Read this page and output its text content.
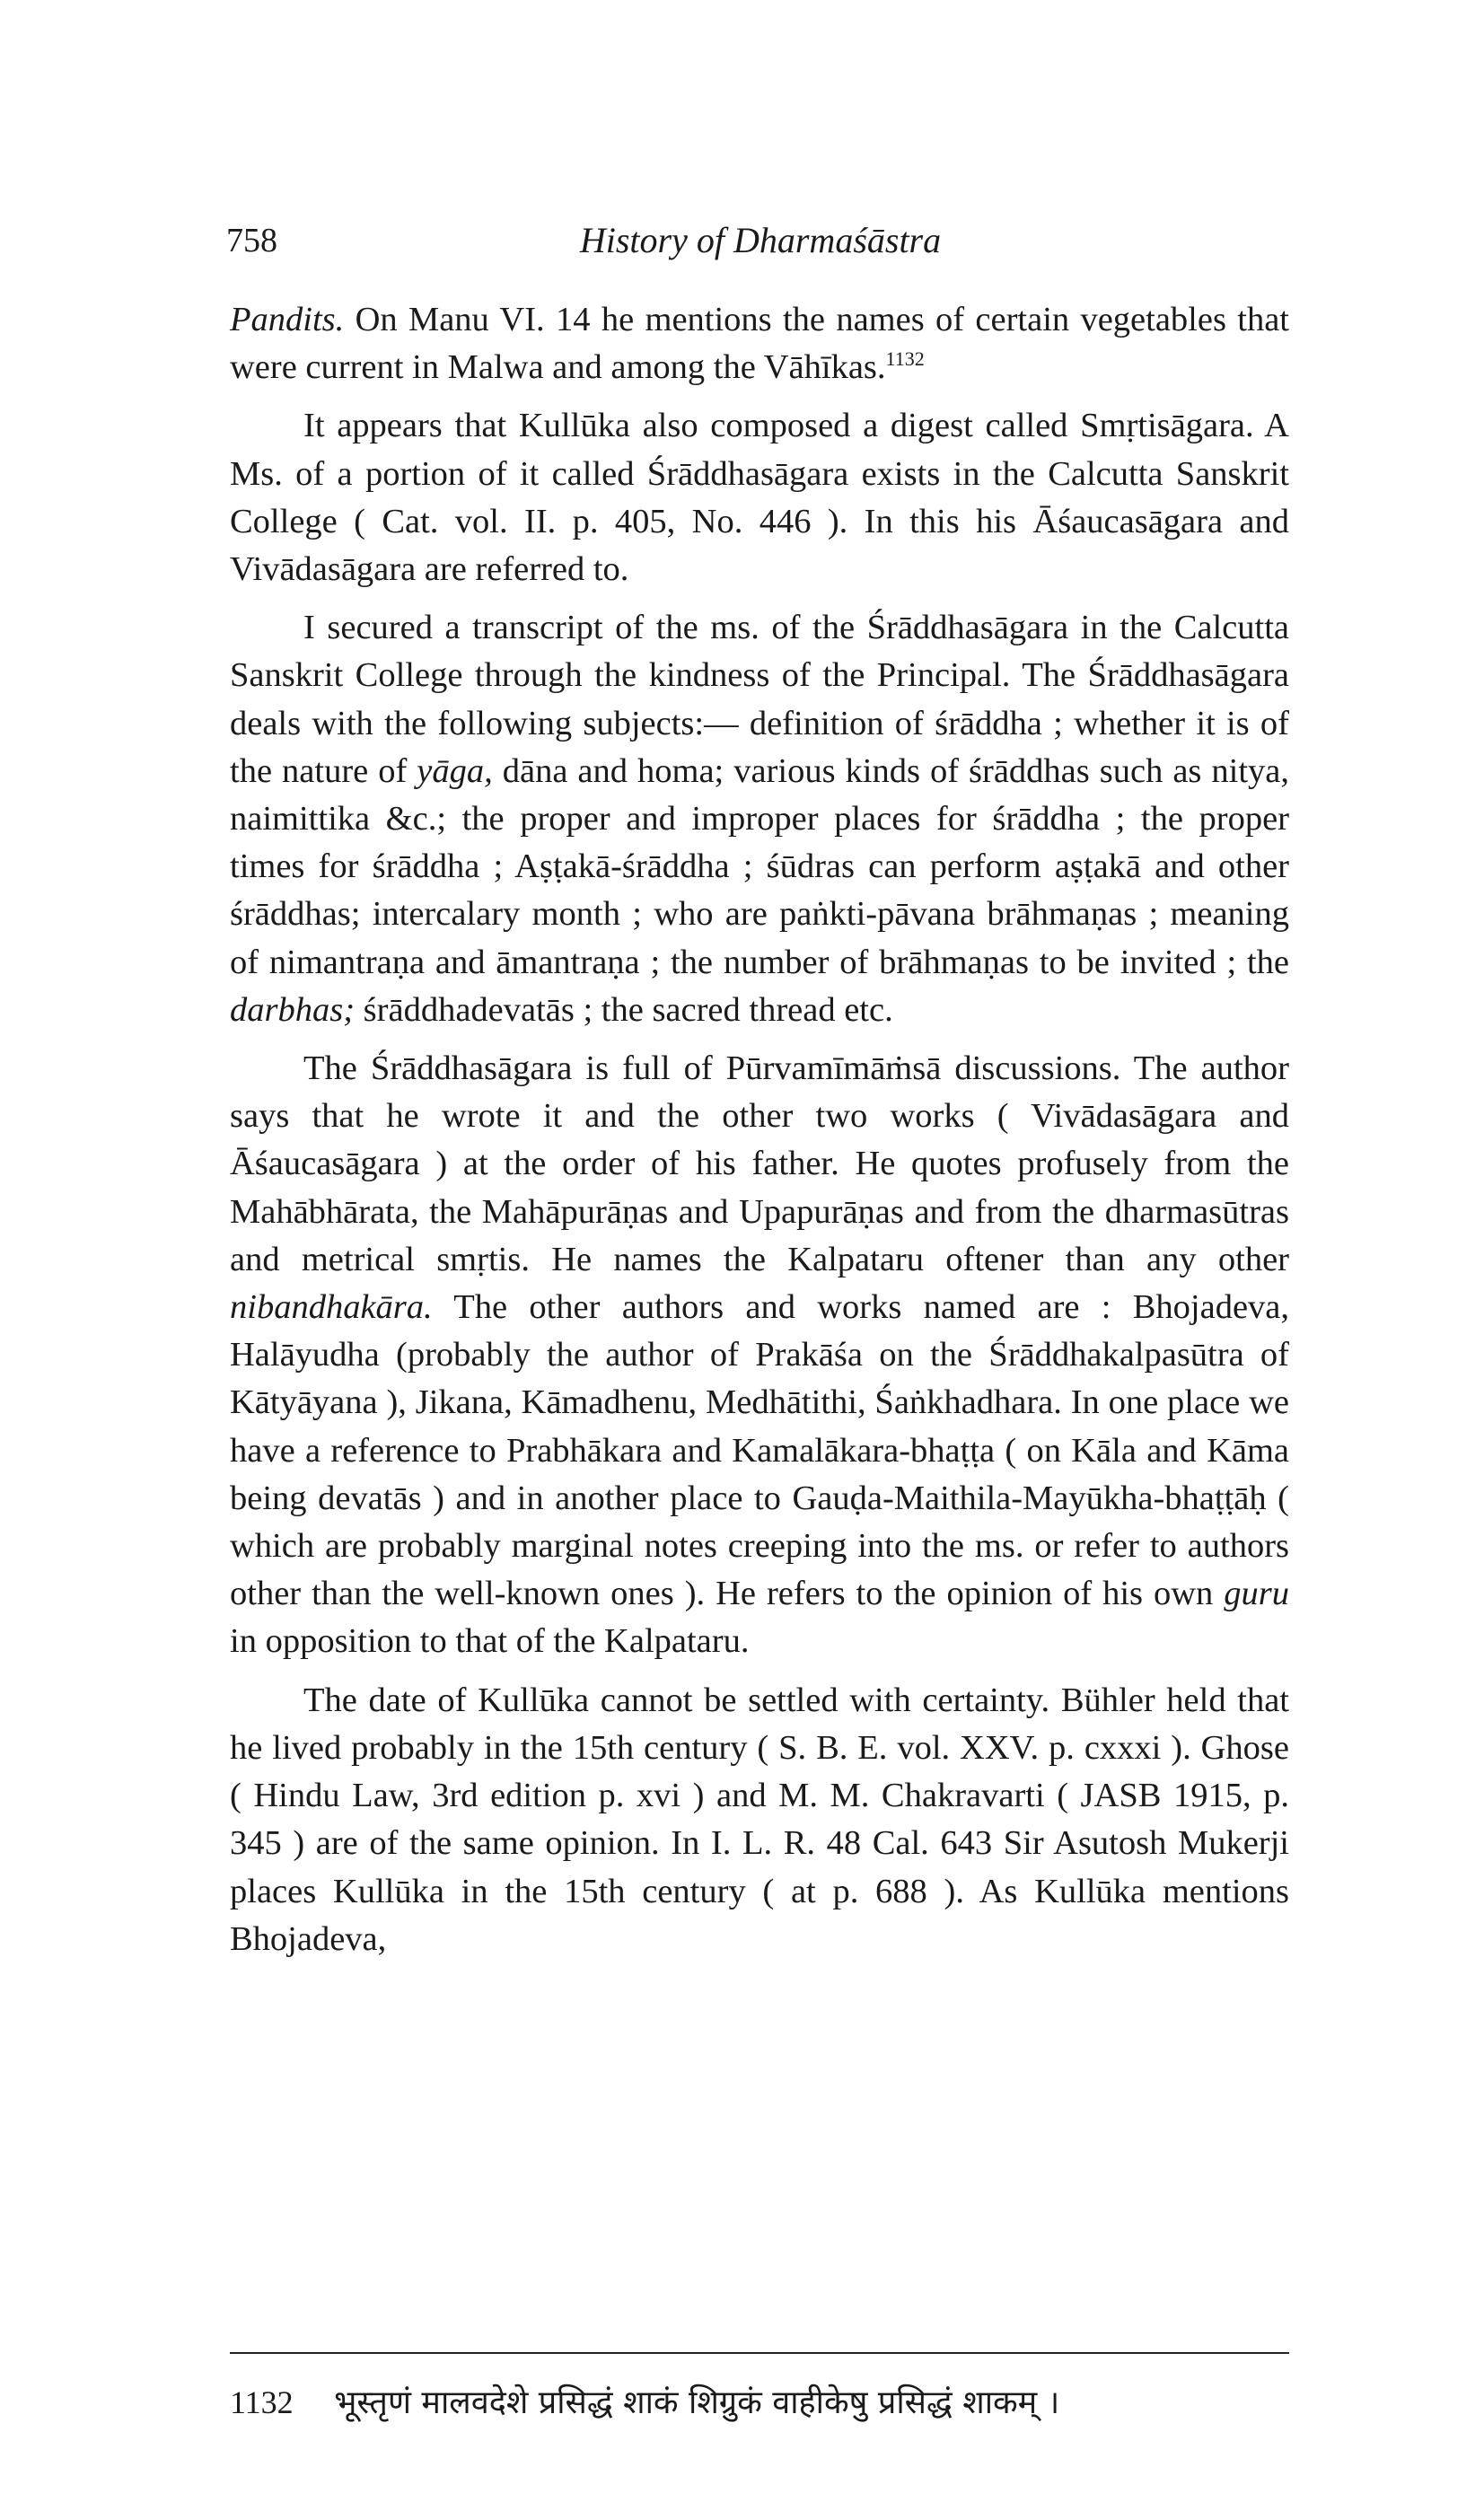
758	History of Dharmaśāstra

Pandits. On Manu VI. 14 he mentions the names of certain vegetables that were current in Malwa and among the Vāhīkas.$^{1132}$

It appears that Kullūka also composed a digest called Smṛtisāgara. A Ms. of a portion of it called Śrāddhasāgara exists in the Calcutta Sanskrit College ( Cat. vol. II. p. 405, No. 446 ). In this his Āśaucasāgara and Vivādasāgara are referred to.

I secured a transcript of the ms. of the Śrāddhasāgara in the Calcutta Sanskrit College through the kindness of the Principal. The Śrāddhasāgara deals with the following subjects:— definition of śrāddha ; whether it is of the nature of yāga, dāna and homa; various kinds of śrāddhas such as nitya, naimittika &c.; the proper and improper places for śrāddha ; the proper times for śrāddha ; Aṣṭakā-śrāddha ; śūdras can perform aṣṭakā and other śrāddhas; intercalary month ; who are paṅkti-pāvana brāhmaṇas ; meaning of nimantraṇa and āmantraṇa ; the number of brāhmaṇas to be invited ; the darbhas; śrāddhadevatās ; the sacred thread etc.

The Śrāddhasāgara is full of Pūrvamīmāṁsā discussions. The author says that he wrote it and the other two works ( Vivādasāgara and Āśaucasāgara ) at the order of his father. He quotes profusely from the Mahābhārata, the Mahāpurāṇas and Upapurāṇas and from the dharmasūtras and metrical smṛtis. He names the Kalpataru oftener than any other nibandhakāra. The other authors and works named are : Bhojadeva, Halāyudha (probably the author of Prakāśa on the Śrāddhakalpasūtra of Kātyāyana ), Jikana, Kāmadhenu, Medhātithi, Śaṅkhadhara. In one place we have a reference to Prabhākara and Kamalākara-bhaṭṭa ( on Kāla and Kāma being devatās ) and in another place to Gauḍa-Maithila-Mayūkha-bhaṭṭāḥ ( which are probably marginal notes creeping into the ms. or refer to authors other than the well-known ones ). He refers to the opinion of his own guru in opposition to that of the Kalpataru.

The date of Kullūka cannot be settled with certainty. Bühler held that he lived probably in the 15th century ( S. B. E. vol. XXV. p. cxxxi ). Ghose ( Hindu Law, 3rd edition p. xvi ) and M. M. Chakravarti ( JASB 1915, p. 345 ) are of the same opinion. In I. L. R. 48 Cal. 643 Sir Asutosh Mukerji places Kullūka in the 15th century ( at p. 688 ). As Kullūka mentions Bhojadeva,

1132 भूस्तृणं मालवदेशे प्रसिद्धं शाकं शिग्रुकं वाहीकेषु प्रसिद्धं शाकम् ।
